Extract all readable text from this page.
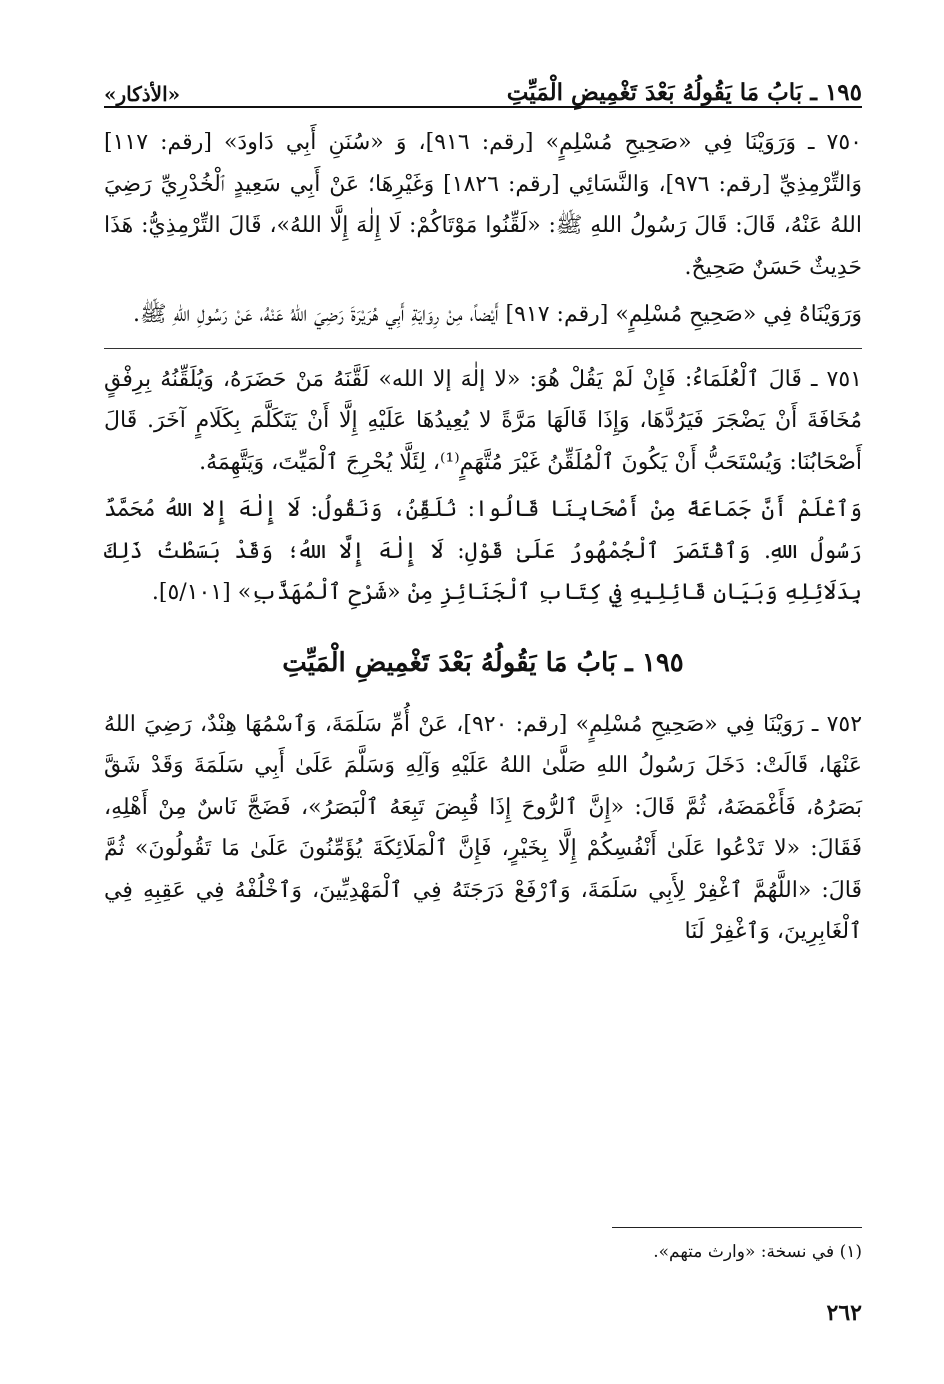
١٩٥ ـ بَابُ مَا يَقُولُهُ بَعْدَ تَغْمِيضِ الْمَيِّتِ
«الأذكار»

٧٥٠ ـ وَرَوَيْنَا فِي «صَحِيحِ مُسْلِمٍ» [رقم: ٩١٦]، وَ «سُنَنِ أَبِي دَاودَ» [رقم: ١١٧] وَالتِّرْمِذِيِّ [رقم: ٩٧٦]، وَالنَّسَائِي [رقم: ١٨٢٦] وَغَيْرِهَا؛ عَنْ أَبِي سَعِيدٍ ٱلْخُدْرِيِّ رَضِيَ اللهُ عَنْهُ، قَالَ: قَالَ رَسُولُ اللهِ ﷺ: «لَقِّنُوا مَوْتَاكُمْ: لَا إِلٰهَ إِلَّا اللهُ»، قَالَ التِّرْمِذِيُّ: هَذَا حَدِيثٌ حَسَنٌ صَحِيحٌ.

وَرَوَيْنَاهُ فِي «صَحِيحِ مُسْلِمٍ» [رقم: ٩١٧] أَيْضاً، مِنْ رِوَايَةِ أَبِي هُرَيْرَةَ رَضِيَ اللهُ عَنْهُ، عَنْ رَسُولِ اللهِ ﷺ.

٧٥١ ـ قَالَ ٱلْعُلَمَاءُ: فَإِنْ لَمْ يَقُلْ هُوَ: «لا إلٰهَ إلا الله» لَقَّنَهُ مَنْ حَضَرَهُ، وَيُلَقِّنُهُ بِرِفْقٍ مُخَافَةَ أَنْ يَضْجَرَ فَيَرُدَّهَا، وَإِذَا قَالَهَا مَرَّةً لا يُعِيدُهَا عَلَيْهِ إِلَّا أَنْ يَتَكَلَّمَ بِكَلَامٍ آخَرَ. قَالَ أَصْحَابُنَا: وَيُسْتَحَبُّ أَنْ يَكُونَ ٱلْمُلَقِّنُ غَيْرَ مُتَّهَمٍ⁽¹⁾، لِئَلَّا يُحْرِجَ ٱلْمَيِّتَ، وَيَتَّهِمَهُ.

وَٱعْلَمْ أَنَّ جَمَاعَةً مِنْ أَصْحَابِنَا قَالُوا: نُلَقِّنُ، وَنَقُولُ: لَا إِلٰهَ إِلا اللهُ مُحَمَّدٌ رَسُولُ اللهِ. وَٱقْتَصَرَ ٱلْجُمْهُورُ عَلَىٰ قَوْلِ: لَا إِلٰهَ إِلَّا اللهُ؛ وَقَدْ بَسَطْتُ ذَلِكَ بِدَلَائِلِهِ وَبَيَانِ قَائِلِيهِ فِي كِتَابِ ٱلْجَنَائِزِ مِنْ «شَرْحِ ٱلْمُهَذَّبِ» [٥/١٠١].

١٩٥ ـ بَابُ مَا يَقُولُهُ بَعْدَ تَغْمِيضِ الْمَيِّتِ

٧٥٢ ـ رَوَيْنَا فِي «صَحِيحِ مُسْلِمٍ» [رقم: ٩٢٠]، عَنْ أُمِّ سَلَمَةَ، وَٱسْمُهَا هِنْدٌ، رَضِيَ اللهُ عَنْهَا، قَالَتْ: دَخَلَ رَسُولُ اللهِ صَلَّىٰ اللهُ عَلَيْهِ وَآلِهِ وَسَلَّمَ عَلَىٰ أَبِي سَلَمَةَ وَقَدْ شَقَّ بَصَرُهُ، فَأَغْمَضَهُ، ثُمَّ قَالَ: «إِنَّ ٱلرُّوحَ إِذَا قُبِضَ تَبِعَهُ ٱلْبَصَرُ»، فَضَجَّ نَاسٌ مِنْ أَهْلِهِ، فَقَالَ: «لا تَدْعُوا عَلَىٰ أَنْفُسِكُمْ إِلَّا بِخَيْرٍ، فَإِنَّ ٱلْمَلَائِكَةَ يُؤَمِّنُونَ عَلَىٰ مَا تَقُولُونَ» ثُمَّ قَالَ: «اللَّهُمَّ ٱغْفِرْ لِأَبِي سَلَمَةَ، وَٱرْفَعْ دَرَجَتَهُ فِي ٱلْمَهْدِيِّينَ، وَٱخْلُفْهُ فِي عَقِبِهِ فِي ٱلْغَابِرِينَ، وَٱغْفِرْ لَنَا

(١) في نسخة: «وارث متهم».
٢٦٢
